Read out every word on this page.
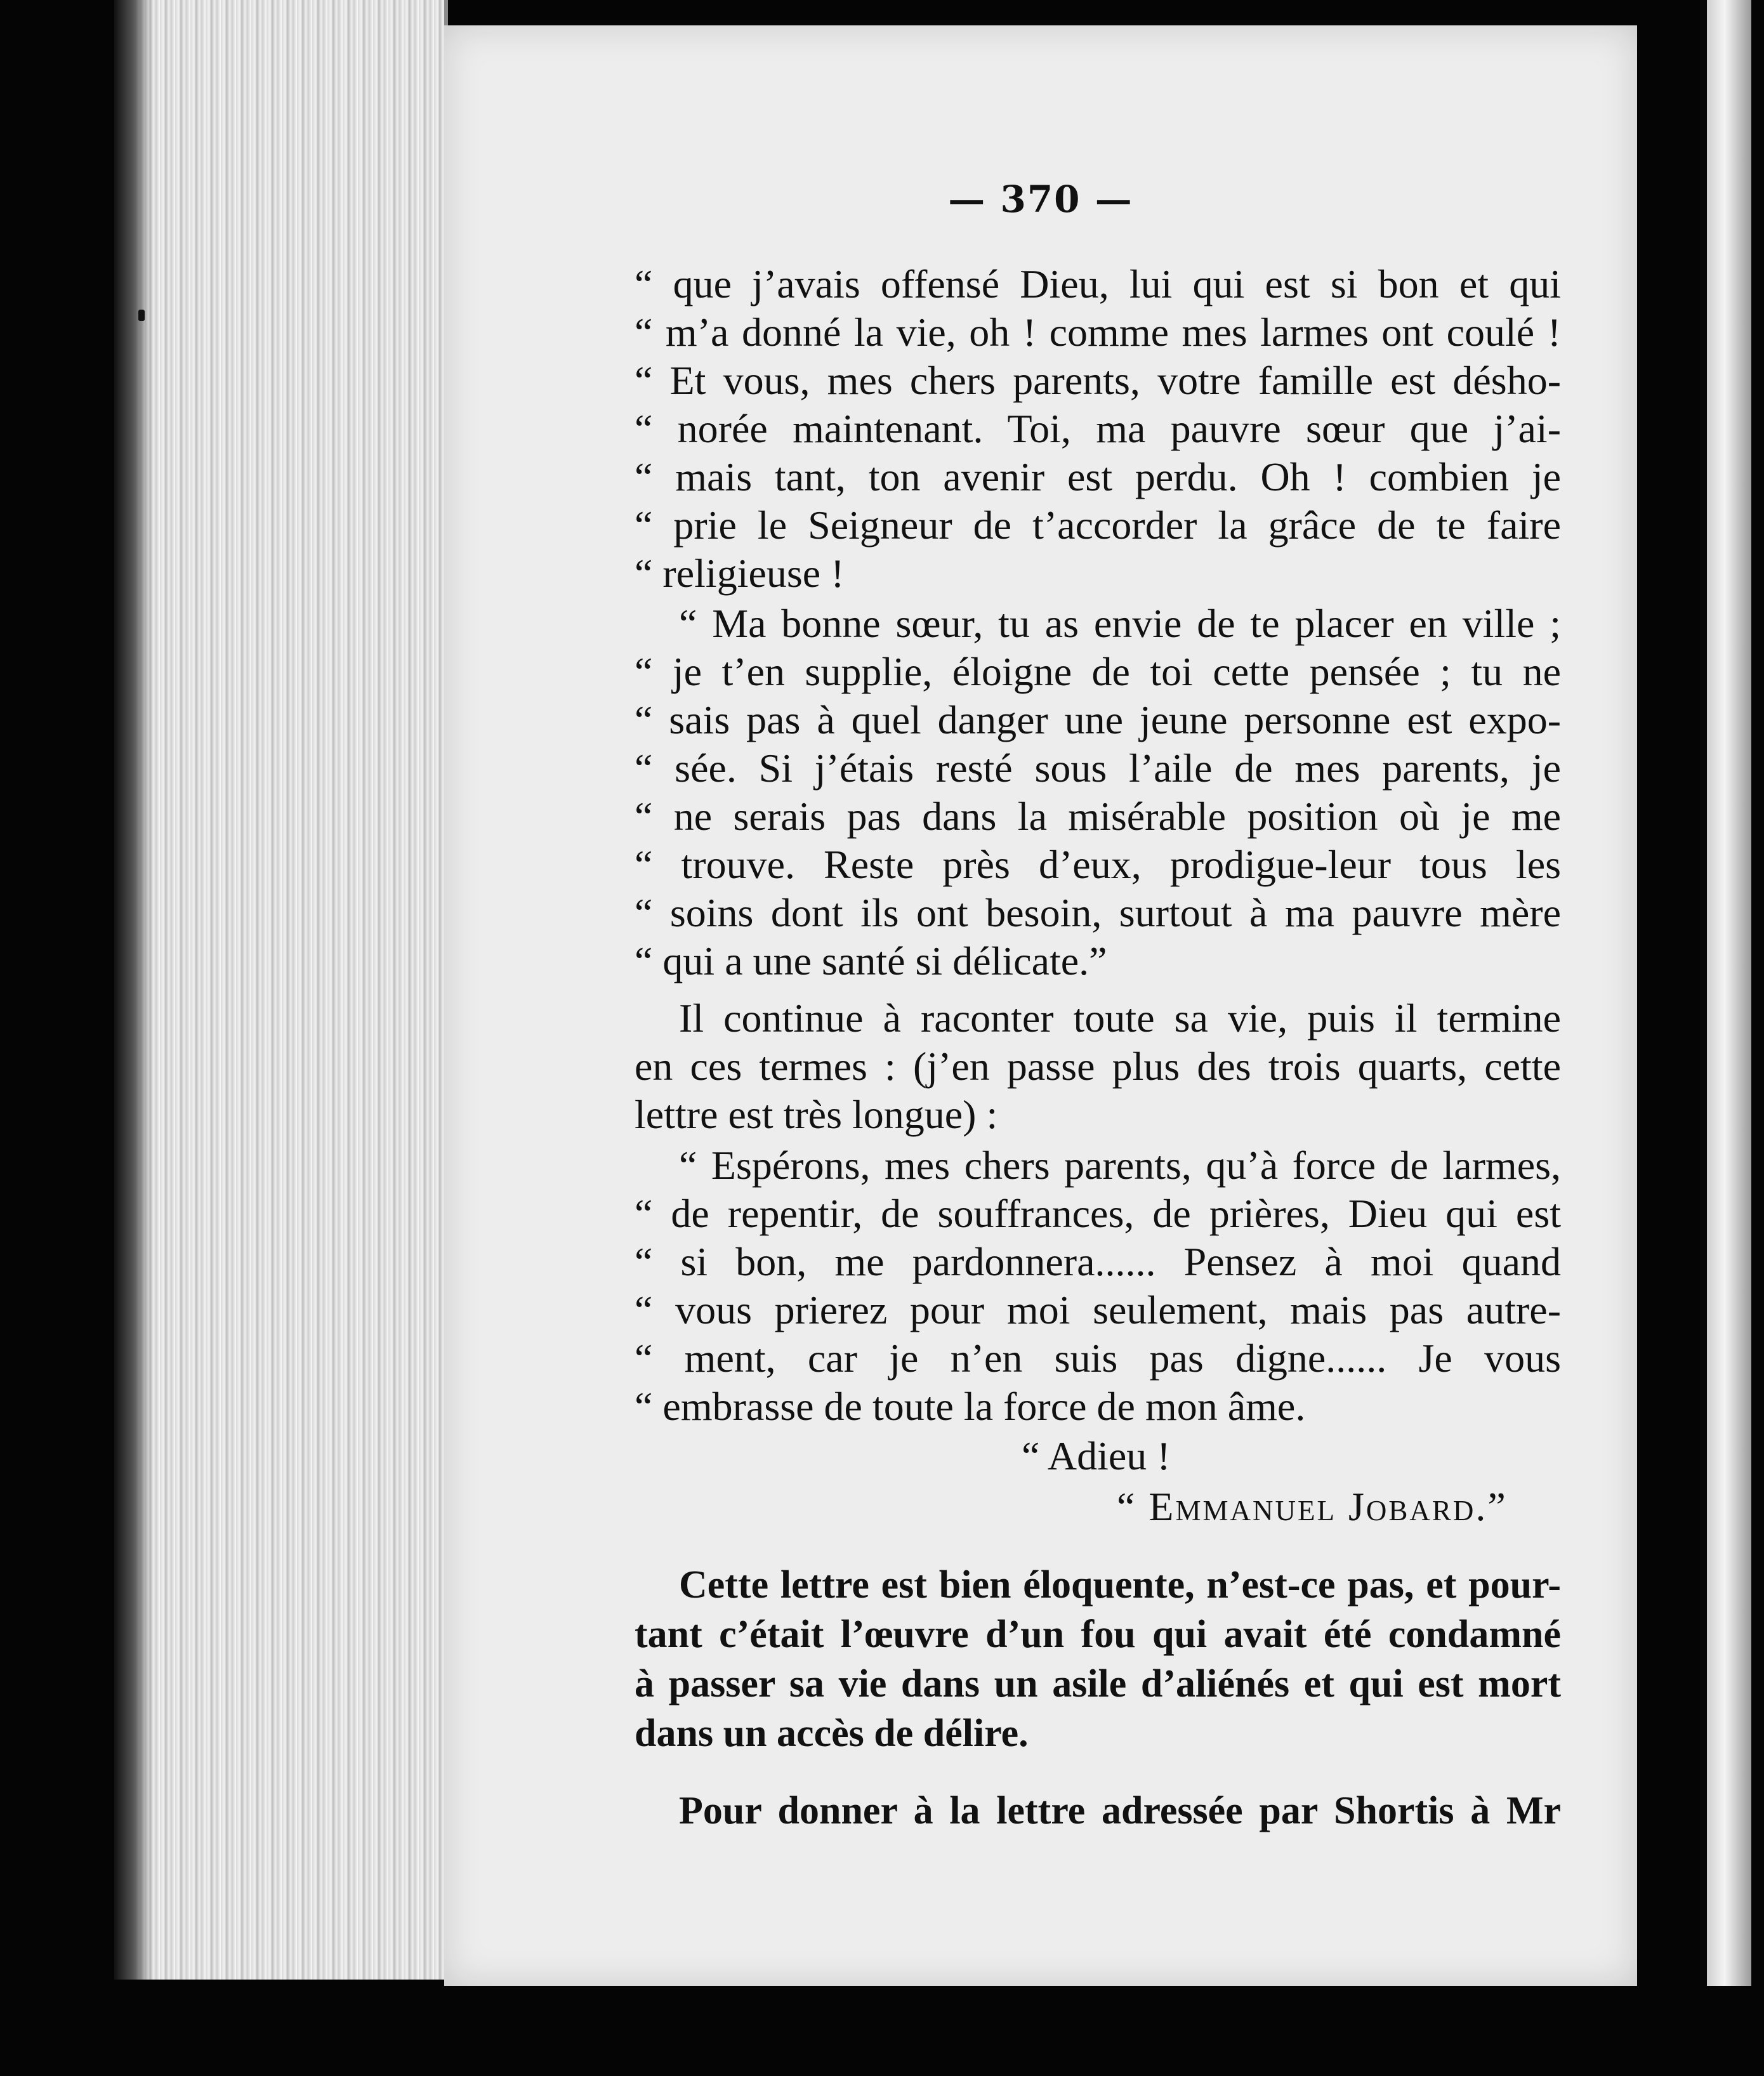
— 370 —
“ que j’avais offensé Dieu, lui qui est si bon et qui
“ m’a donné la vie, oh ! comme mes larmes ont coulé !
“ Et vous, mes chers parents, votre famille est désho-
“ norée maintenant. Toi, ma pauvre sœur que j’ai-
“ mais tant, ton avenir est perdu. Oh ! combien je
“ prie le Seigneur de t’accorder la grâce de te faire
“ religieuse !
“ Ma bonne sœur, tu as envie de te placer en ville ;
“ je t’en supplie, éloigne de toi cette pensée ; tu ne
“ sais pas à quel danger une jeune personne est expo-
“ sée. Si j’étais resté sous l’aile de mes parents, je
“ ne serais pas dans la misérable position où je me
“ trouve. Reste près d’eux, prodigue-leur tous les
“ soins dont ils ont besoin, surtout à ma pauvre mère
“ qui a une santé si délicate.”
Il continue à raconter toute sa vie, puis il termine
en ces termes : (j’en passe plus des trois quarts, cette
lettre est très longue) :
“ Espérons, mes chers parents, qu’à force de larmes,
“ de repentir, de souffrances, de prières, Dieu qui est
“ si bon, me pardonnera...... Pensez à moi quand
“ vous prierez pour moi seulement, mais pas autre-
“ ment, car je n’en suis pas digne...... Je vous
“ embrasse de toute la force de mon âme.
“ Adieu !
“ Emmanuel Jobard.”
Cette lettre est bien éloquente, n’est-ce pas, et pour-
tant c’était l’œuvre d’un fou qui avait été condamné
à passer sa vie dans un asile d’aliénés et qui est mort
dans un accès de délire.
Pour donner à la lettre adressée par Shortis à Mr
